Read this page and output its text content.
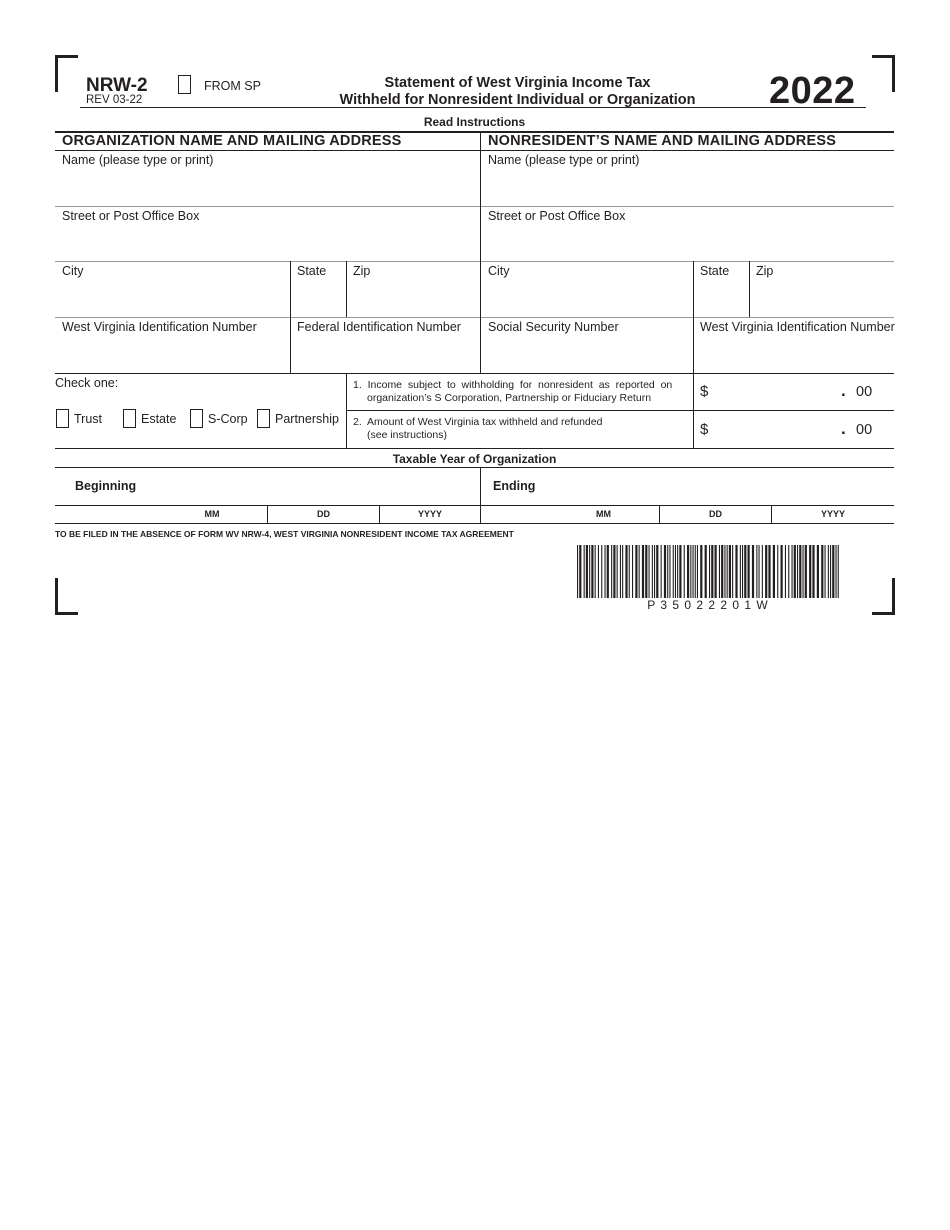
NRW-2
REV 03-22
FROM SP	Statement of West Virginia Income Tax
Withheld for Nonresident Individual or Organization	2022
Read Instructions
ORGANIZATION NAME AND MAILING ADDRESS
Name (please type or print)
Street or Post Office Box
City	State Zip
West Virginia Identification Number	Federal Identification Number
NONRESIDENT’S NAME AND MAILING ADDRESS
Name (please type or print)
Street or Post Office Box
City	State Zip
Social Security Number	West Virginia Identification Number
Check one:
Trust	Estate	S-Corp Partnership
1.  Income  subject  to  withholding  for  nonresident  as  reported  on
organization’s S Corporation, Partnership or Fiduciary Return	$	. 00
2.  Amount of West Virginia tax withheld and refunded
(see instructions)	$	. 00
Taxable Year of Organization
Beginning	Ending
MM	DD	YYYY	MM	DD	YYYY
TO BE FILED IN THE ABSENCE OF FORM WV NRW-4, WEST VIRGINIA NONRESIDENT INCOME TAX AGREEMENT
P 3 5 0 2 2 2 0 1 W
